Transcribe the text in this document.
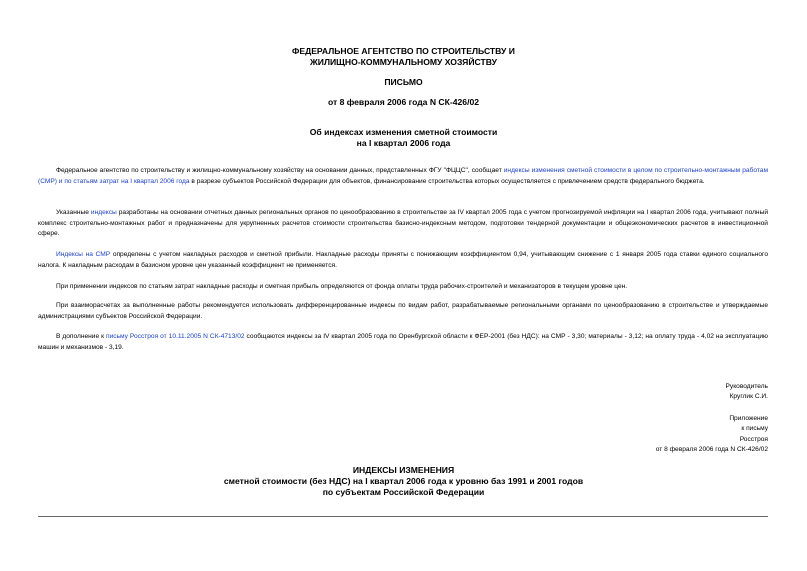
ФЕДЕРАЛЬНОЕ АГЕНТСТВО ПО СТРОИТЕЛЬСТВУ И
ЖИЛИЩНО-КОММУНАЛЬНОМУ ХОЗЯЙСТВУ
ПИСЬМО
от 8 февраля 2006 года N СК-426/02
Об индексах изменения сметной стоимости
на I квартал 2006 года
Федеральное агентство по строительству и жилищно-коммунальному хозяйству на основании данных, представленных ФГУ "ФЦЦС", сообщает индексы изменения сметной стоимости в целом по строительно-монтажным работам (СМР) и по статьям затрат на I квартал 2006 года в разрезе субъектов Российской Федерации для объектов, финансирование строительства которых осуществляется с привлечением средств федерального бюджета.
Указанные индексы разработаны на основании отчетных данных региональных органов по ценообразованию в строительстве за IV квартал 2005 года с учетом прогнозируемой инфляции на I квартал 2006 года, учитывают полный комплекс строительно-монтажных работ и предназначены для укрупненных расчетов стоимости строительства базисно-индексным методом, подготовки тендерной документации и общеэкономических расчетов в инвестиционной сфере.
Индексы на СМР определены с учетом накладных расходов и сметной прибыли. Накладные расходы приняты с понижающим коэффициентом 0,94, учитывающим снижение с 1 января 2005 года ставки единого социального налога. К накладным расходам в базисном уровне цен указанный коэффициент не применяется.
При применении индексов по статьям затрат накладные расходы и сметная прибыль определяются от фонда оплаты труда рабочих-строителей и механизаторов в текущем уровне цен.
При взаиморасчетах за выполненные работы рекомендуется использовать дифференцированные индексы по видам работ, разрабатываемые региональными органами по ценообразованию в строительстве и утверждаемые администрациями субъектов Российской Федерации.
В дополнение к письму Росстроя от 10.11.2005 N СК-4713/02 сообщаются индексы за IV квартал 2005 года по Оренбургской области к ФЕР-2001 (без НДС): на СМР - 3,30; материалы - 3,12; на оплату труда - 4,02 на эксплуатацию машин и механизмов - 3,19.
Руководитель
Круглик С.И.
Приложение
к письму
Росстроя
от 8 февраля 2006 года N СК-426/02
ИНДЕКСЫ ИЗМЕНЕНИЯ
сметной стоимости (без НДС) на I квартал 2006 года к уровню баз 1991 и 2001 годов
по субъектам Российской Федерации
